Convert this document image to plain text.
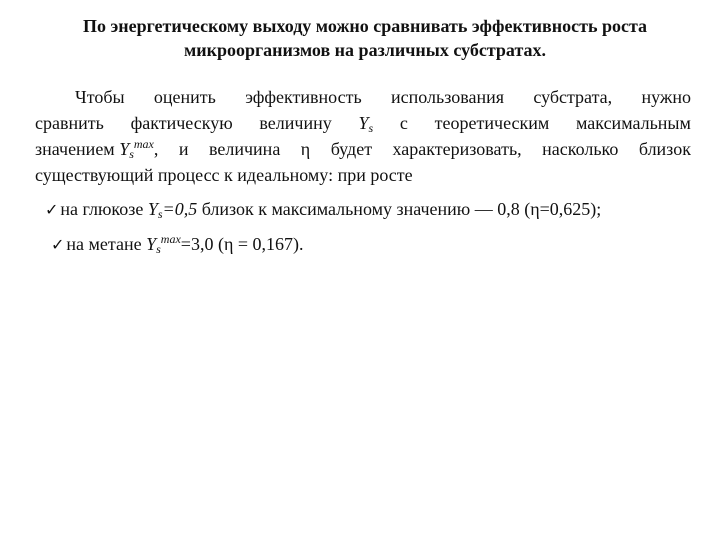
По энергетическому выходу можно сравнивать эффективность роста
микроорганизмов на различных субстратах.
Чтобы оценить эффективность использования субстрата, нужно
сравнить фактическую величину $Y_s$ с теоретическим максимальным
значением $Y_s^{max}$, и величина η будет характеризовать, насколько близок
существующий процесс к идеальному: при росте
✓ на глюкозе $Y_s=0,5$ близок к максимальному значению — 0,8 (η=0,625);
✓ на метане $Y_s^{max}=3,0$ (η = 0,167).
